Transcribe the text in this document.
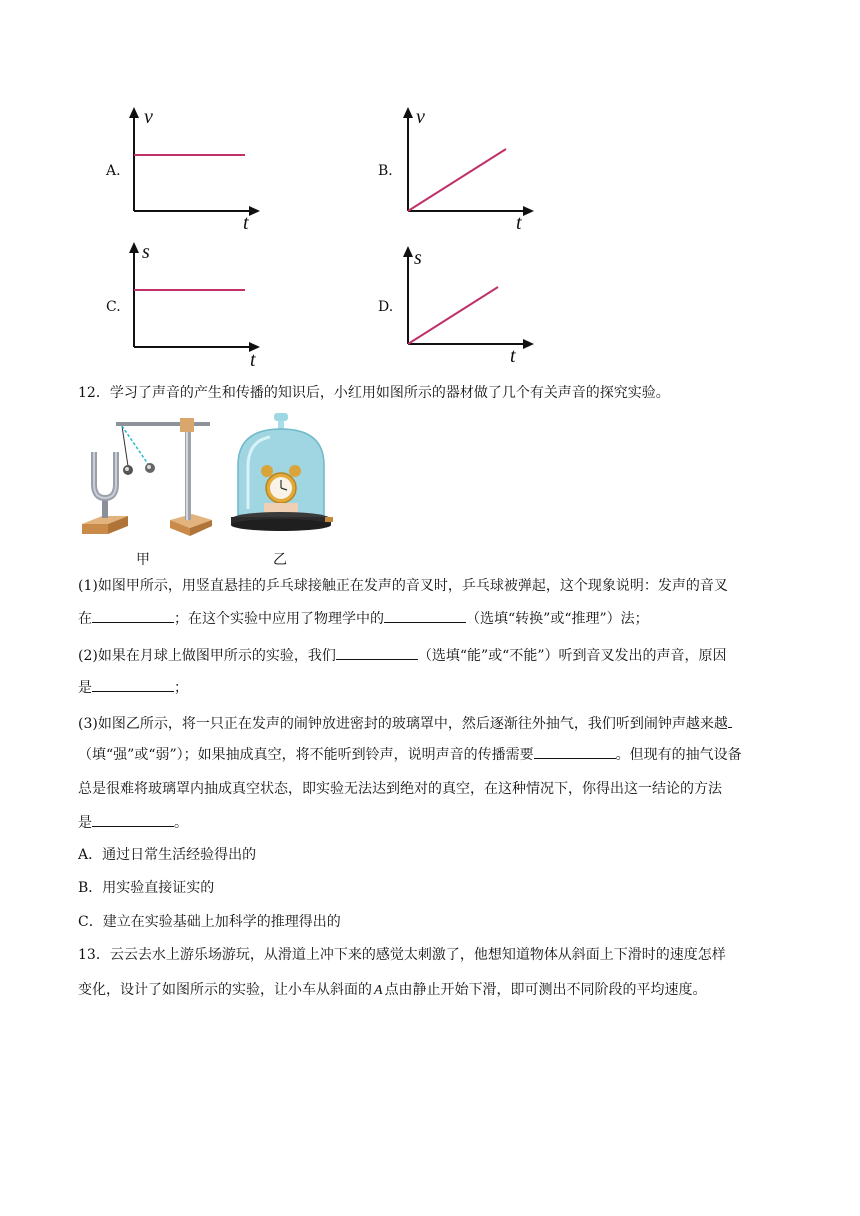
A.
v
t
B.
v
t
C.
s
t
D.
s
t
12．学习了声音的产生和传播的知识后，小红用如图所示的器材做了几个有关声音的探究实验。
甲	乙
(1)如图甲所示，用竖直悬挂的乒乓球接触正在发声的音叉时，乒乓球被弹起，这个现象说明：发声的音叉
在	；在这个实验中应用了物理学中的	（选填“转换”或“推理”）法；
(2)如果在月球上做图甲所示的实验，我们	（选填“能”或“不能”）听到音叉发出的声音，原因
是	；
(3)如图乙所示，将一只正在发声的闹钟放进密封的玻璃罩中，然后逐渐往外抽气，我们听到闹钟声越来越
（填“强”或“弱”）；如果抽成真空，将不能听到铃声，说明声音的传播需要	。但现有的抽气设备
总是很难将玻璃罩内抽成真空状态，即实验无法达到绝对的真空，在这种情况下，你得出这一结论的方法
是	。
A．通过日常生活经验得出的
B．用实验直接证实的
C．建立在实验基础上加科学的推理得出的
13．云云去水上游乐场游玩，从滑道上冲下来的感觉太刺激了，他想知道物体从斜面上下滑时的速度怎样
变化，设计了如图所示的实验，让小车从斜面的 A 点由静止开始下滑，即可测出不同阶段的平均速度。
